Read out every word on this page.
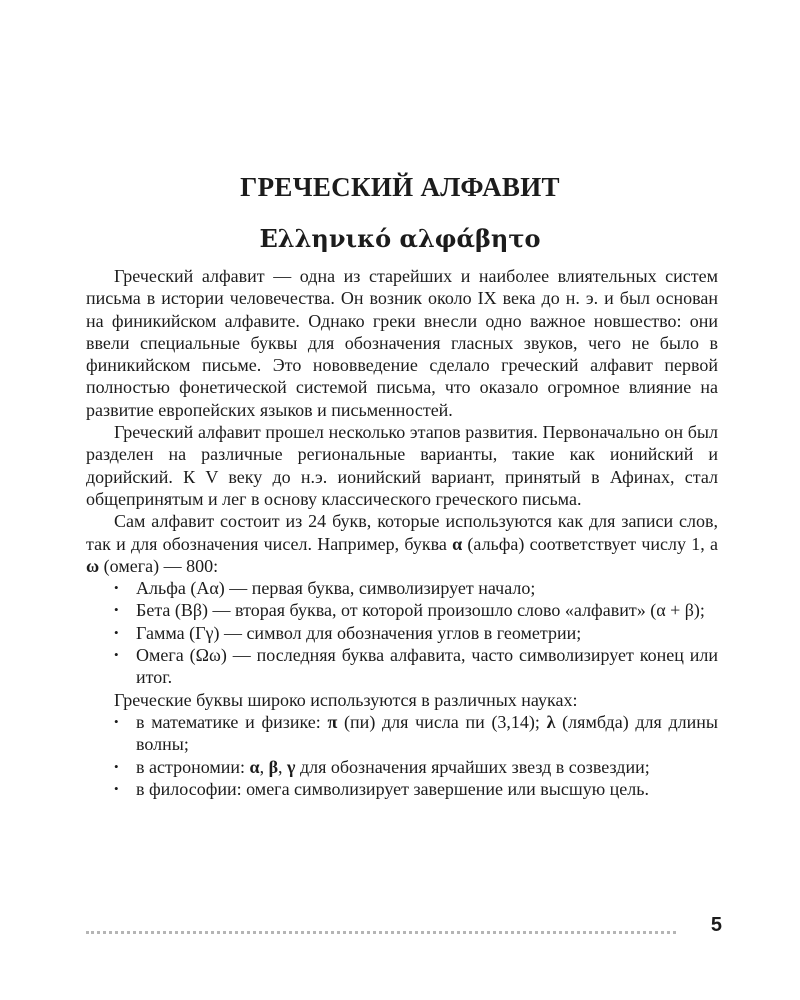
ГРЕЧЕСКИЙ АЛФАВИТ
Ελληνικό αλφάβητο

Греческий алфавит — одна из старейших и наиболее влиятельных систем письма в истории человечества. Он возник около IX века до н. э. и был основан на финикийском алфавите. Однако греки внесли одно важное новшество: они ввели специальные буквы для обозначения гласных звуков, чего не было в финикийском письме. Это нововведение сделало греческий алфавит первой полностью фонетической системой письма, что оказало огромное влияние на развитие европейских языков и письменностей.

Греческий алфавит прошел несколько этапов развития. Первоначально он был разделен на различные региональные варианты, такие как ионийский и дорийский. К V веку до н.э. ионийский вариант, принятый в Афинах, стал общепринятым и лег в основу классического греческого письма.

Сам алфавит состоит из 24 букв, которые используются как для записи слов, так и для обозначения чисел. Например, буква α (альфа) соответствует числу 1, а ω (омега) — 800:

• Альфа (Αα) — первая буква, символизирует начало;
• Бета (Ββ) — вторая буква, от которой произошло слово «алфавит» (α + β);
• Гамма (Γγ) — символ для обозначения углов в геометрии;
• Омега (Ωω) — последняя буква алфавита, часто символизирует конец или итог.

Греческие буквы широко используются в различных науках:

• в математике и физике: π (пи) для числа пи (3,14); λ (лямбда) для длины волны;
• в астрономии: α, β, γ для обозначения ярчайших звезд в созвездии;
• в философии: омега символизирует завершение или высшую цель.
5
